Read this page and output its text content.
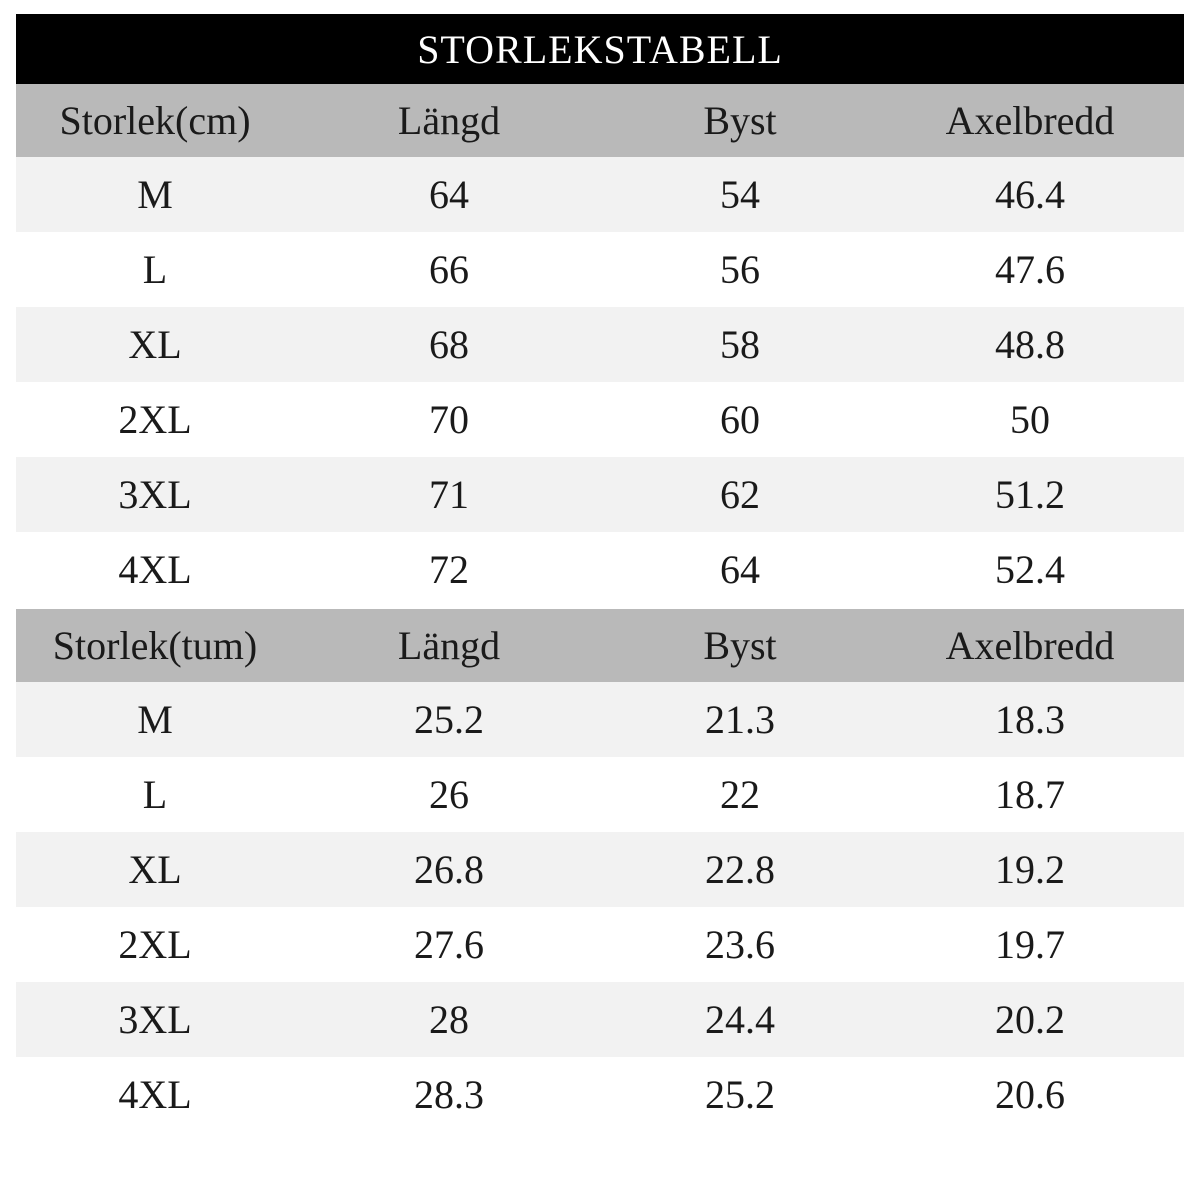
STORLEKSTABELL
Storlek(cm)	Längd	Byst	Axelbredd
M	64	54	46.4
L	66	56	47.6
XL	68	58	48.8
2XL	70	60	50
3XL	71	62	51.2
4XL	72	64	52.4
Storlek(tum)	Längd	Byst	Axelbredd
M	25.2	21.3	18.3
L	26	22	18.7
XL	26.8	22.8	19.2
2XL	27.6	23.6	19.7
3XL	28	24.4	20.2
4XL	28.3	25.2	20.6
